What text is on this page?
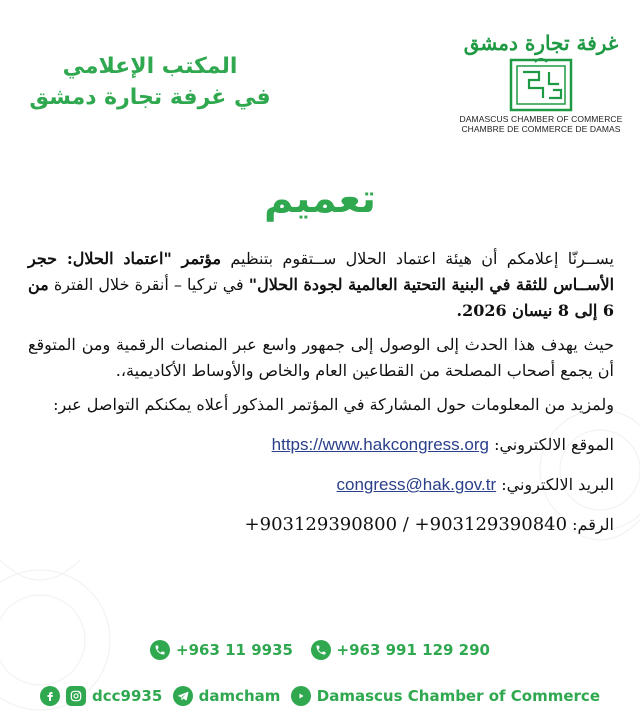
المكتب الإعلامي
في غرفة تجارة دمشق
غرفة تجارة دمشق
DAMASCUS CHAMBER OF COMMERCE
CHAMBRE DE COMMERCE DE DAMAS
تعميم

يســرنّا إعلامكم أن هيئة اعتماد الحلال ســتقوم بتنظيم مؤتمر "اعتماد الحلال: حجر الأســاس للثقة في البنية التحتية العالمية لجودة الحلال" في تركيا – أنقرة خلال الفترة من 6 إلى 8 نيسان 2026.

حيث يهدف هذا الحدث إلى الوصول إلى جمهور واسع عبر المنصات الرقمية ومن المتوقع أن يجمع أصحاب المصلحة من القطاعين العام والخاص والأوساط الأكاديمية،.

ولمزيد من المعلومات حول المشاركة في المؤتمر المذكور أعلاه يمكنكم التواصل عبر:

الموقع الالكتروني: https://www.hakcongress.org
البريد الالكتروني: congress@hak.gov.tr
الرقم: +903129390800 / +903129390840
+963 11 9935	+963 991 129 290
dcc9935 damcham Damascus Chamber of Commerce
